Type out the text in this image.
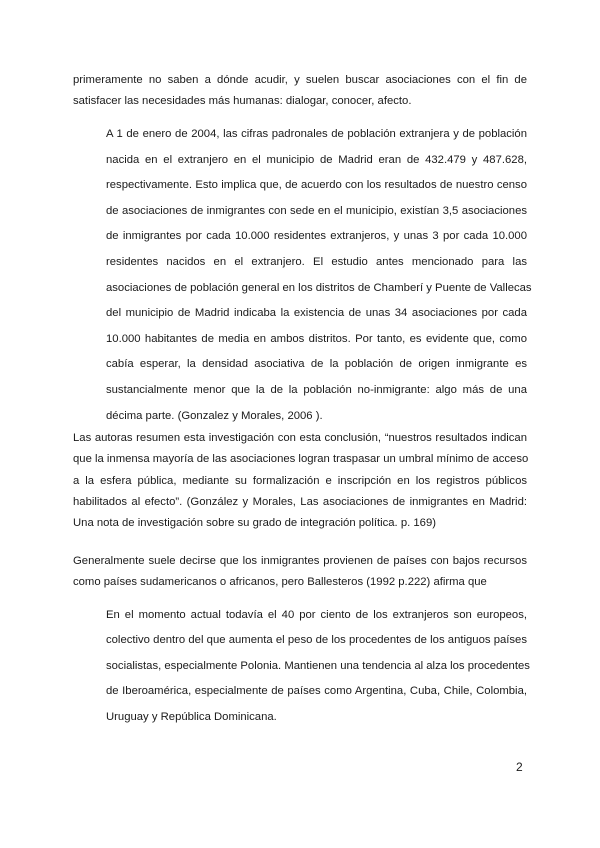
primeramente no saben a dónde acudir, y suelen buscar asociaciones con el fin de
satisfacer las necesidades más humanas: dialogar, conocer, afecto.

A 1 de enero de 2004, las cifras padronales de población extranjera y de población
nacida en el extranjero en el municipio de Madrid eran de 432.479 y 487.628,
respectivamente. Esto implica que, de acuerdo con los resultados de nuestro censo
de asociaciones de inmigrantes con sede en el municipio, existían 3,5 asociaciones
de inmigrantes por cada 10.000 residentes extranjeros, y unas 3 por cada 10.000
residentes nacidos en el extranjero. El estudio antes mencionado para las
asociaciones de población general en los distritos de Chamberí y Puente de Vallecas
del municipio de Madrid indicaba la existencia de unas 34 asociaciones por cada
10.000 habitantes de media en ambos distritos. Por tanto, es evidente que, como
cabía esperar, la densidad asociativa de la población de origen inmigrante es
sustancialmente menor que la de la población no-inmigrante: algo más de una
décima parte. (Gonzalez y Morales, 2006 ).

Las autoras resumen esta investigación con esta conclusión, “nuestros resultados indican
que la inmensa mayoría de las asociaciones logran traspasar un umbral mínimo de acceso
a la esfera pública, mediante su formalización e inscripción en los registros públicos
habilitados al efecto”. (González y Morales, Las asociaciones de inmigrantes en Madrid:
Una nota de investigación sobre su grado de integración política. p. 169)

Generalmente suele decirse que los inmigrantes provienen de países con bajos recursos
como países sudamericanos o africanos, pero Ballesteros (1992 p.222) afirma que

En el momento actual todavía el 40 por ciento de los extranjeros son europeos,
colectivo dentro del que aumenta el peso de los procedentes de los antiguos países
socialistas, especialmente Polonia. Mantienen una tendencia al alza los procedentes
de Iberoamérica, especialmente de países como Argentina, Cuba, Chile, Colombia,
Uruguay y República Dominicana.
2
